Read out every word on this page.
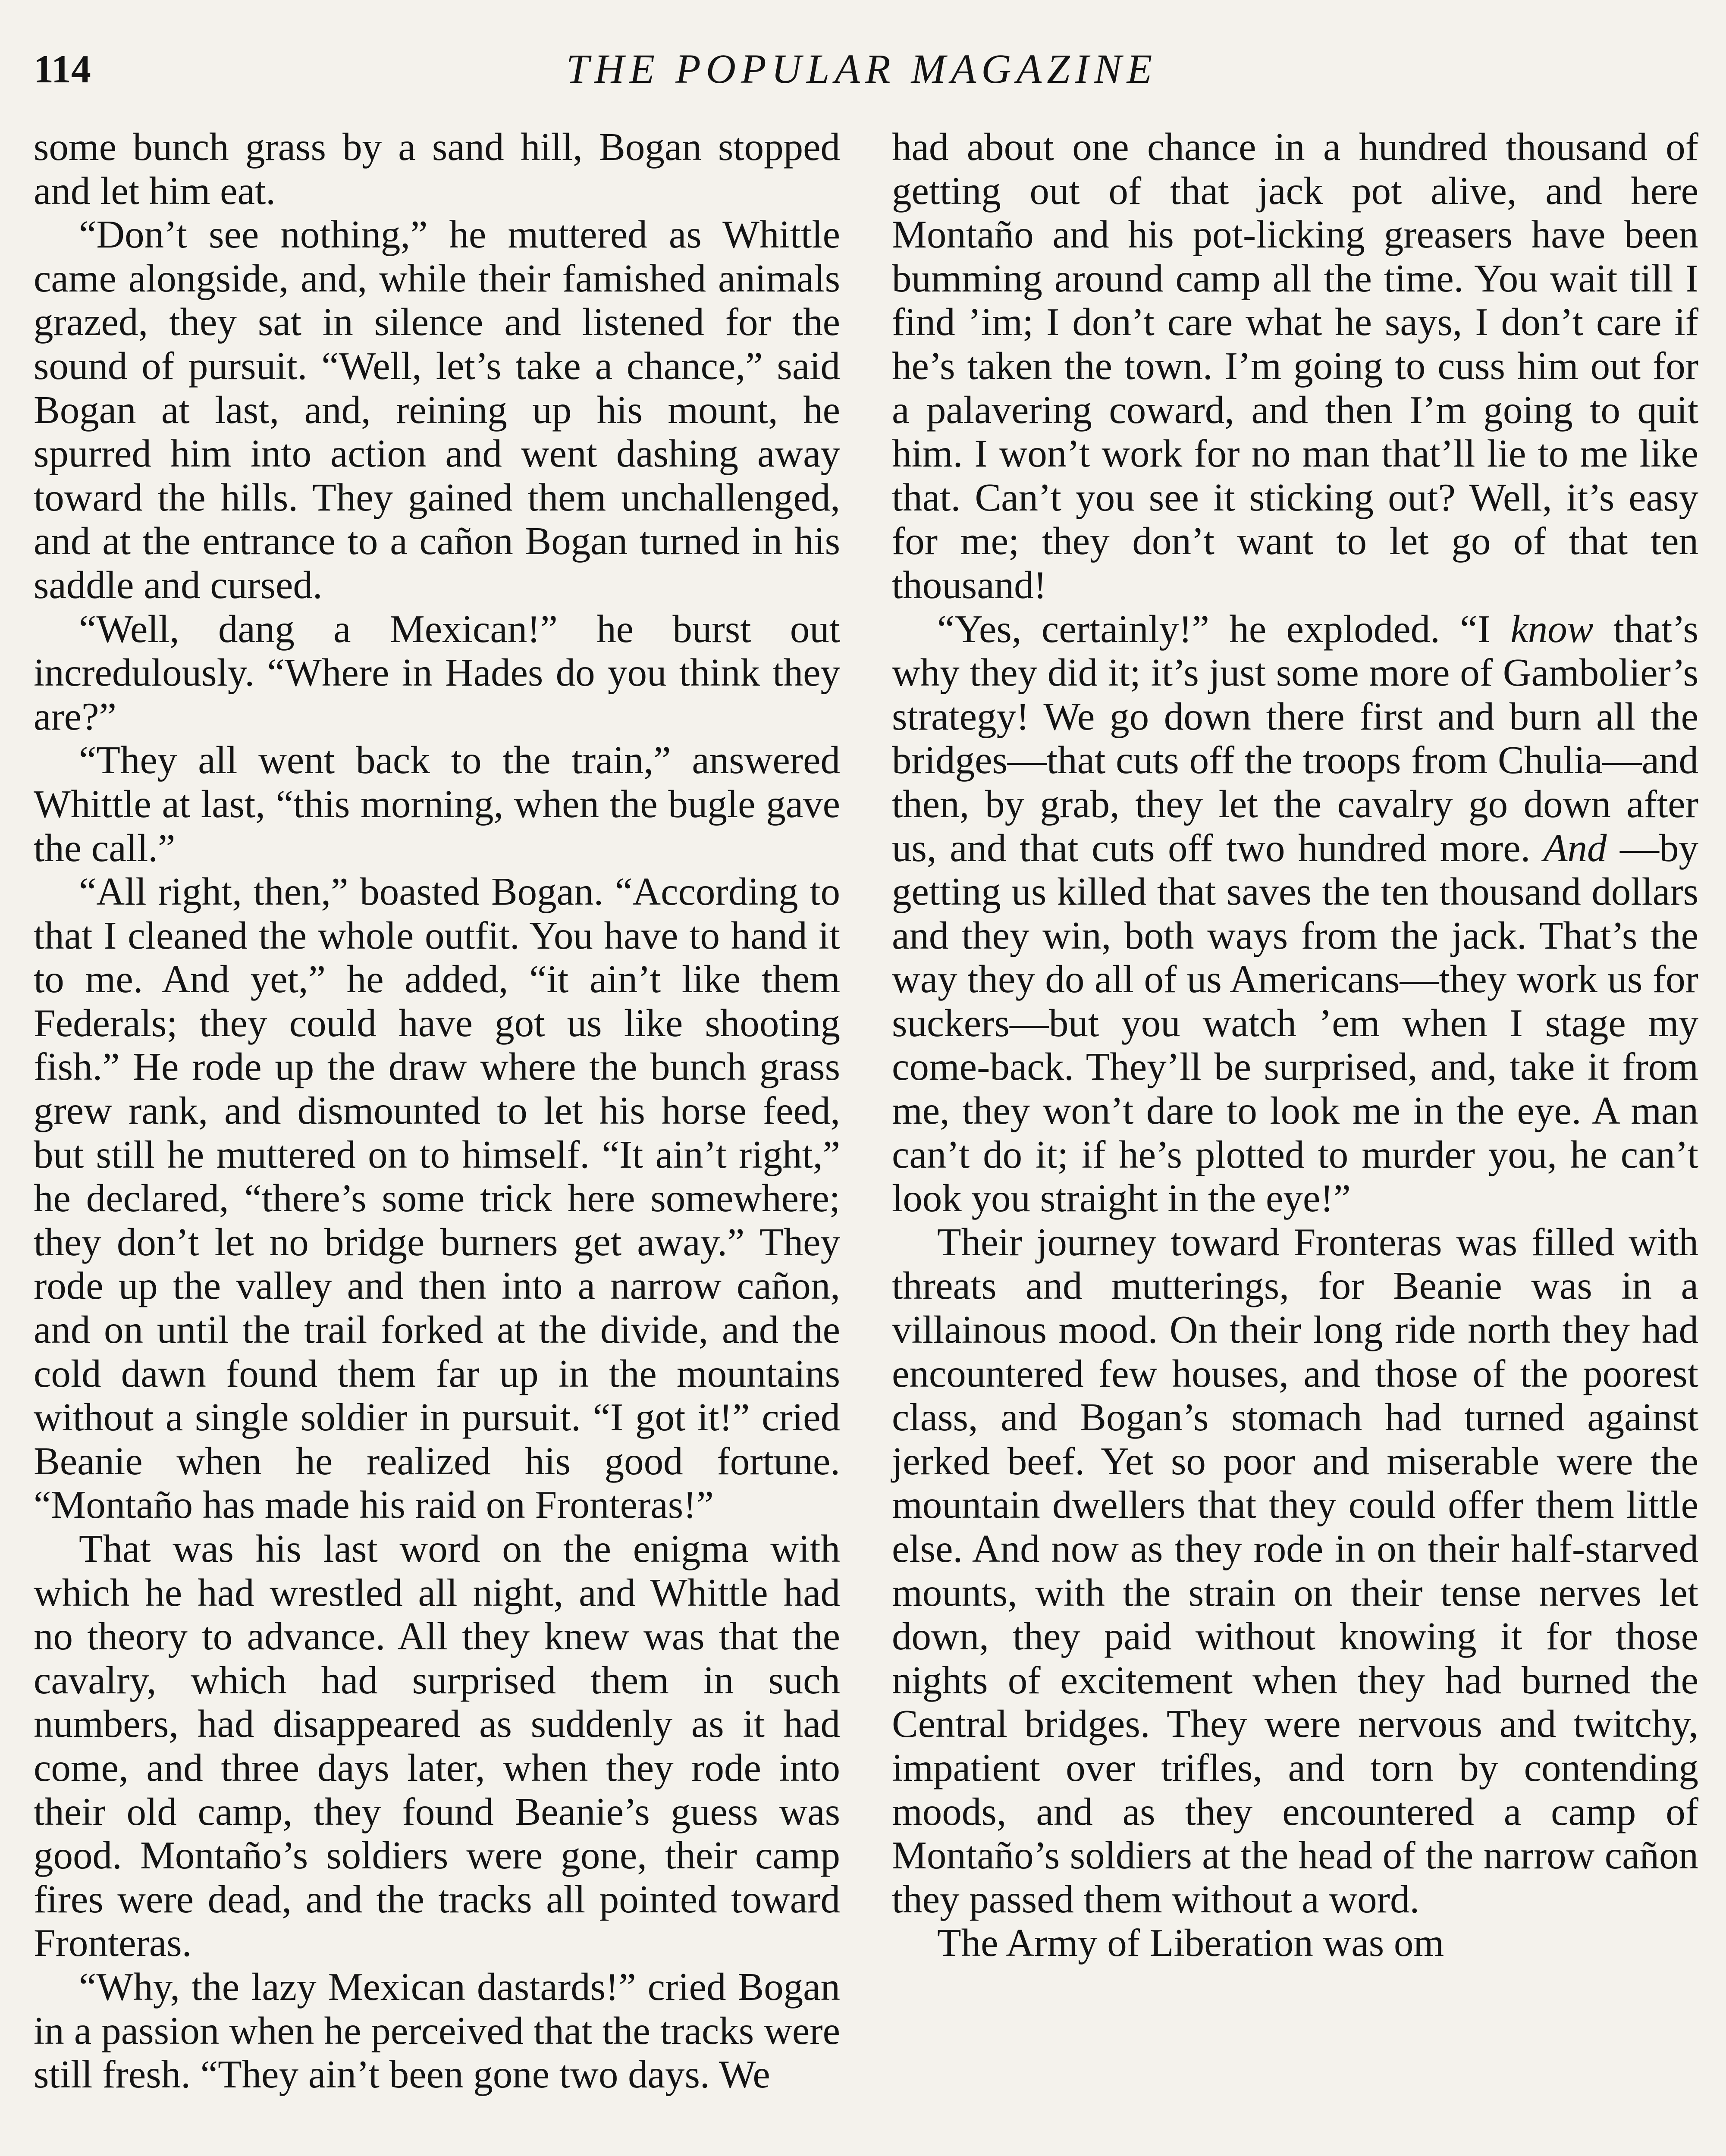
114	THE POPULAR MAGAZINE

some bunch grass by a sand hill, Bogan stopped and let him eat.

“Don’t see nothing,” he muttered as Whittle came alongside, and, while their famished animals grazed, they sat in silence and listened for the sound of pursuit. “Well, let’s take a chance,” said Bogan at last, and, reining up his mount, he spurred him into action and went dashing away toward the hills. They gained them unchallenged, and at the entrance to a cañon Bogan turned in his saddle and cursed.

“Well, dang a Mexican!” he burst out incredulously. “Where in Hades do you think they are?”

“They all went back to the train,” answered Whittle at last, “this morning, when the bugle gave the call.”

“All right, then,” boasted Bogan. “According to that I cleaned the whole outfit. You have to hand it to me. And yet,” he added, “it ain’t like them Federals; they could have got us like shooting fish.” He rode up the draw where the bunch grass grew rank, and dismounted to let his horse feed, but still he muttered on to himself. “It ain’t right,” he declared, “there’s some trick here somewhere; they don’t let no bridge burners get away.” They rode up the valley and then into a narrow cañon, and on until the trail forked at the divide, and the cold dawn found them far up in the mountains without a single soldier in pursuit. “I got it!” cried Beanie when he realized his good fortune. “Montaño has made his raid on Fronteras!”

That was his last word on the enigma with which he had wrestled all night, and Whittle had no theory to advance. All they knew was that the cavalry, which had surprised them in such numbers, had disappeared as suddenly as it had come, and three days later, when they rode into their old camp, they found Beanie’s guess was good. Montaño’s soldiers were gone, their camp fires were dead, and the tracks all pointed toward Fronteras.

“Why, the lazy Mexican dastards!” cried Bogan in a passion when he perceived that the tracks were still fresh. “They ain’t been gone two days. We

had about one chance in a hundred thousand of getting out of that jack pot alive, and here Montaño and his pot-licking greasers have been bumming around camp all the time. You wait till I find ’im; I don’t care what he says, I don’t care if he’s taken the town. I’m going to cuss him out for a palavering coward, and then I’m going to quit him. I won’t work for no man that’ll lie to me like that. Can’t you see it sticking out? Well, it’s easy for me; they don’t want to let go of that ten thousand!

“Yes, certainly!” he exploded. “I know that’s why they did it; it’s just some more of Gambolier’s strategy! We go down there first and burn all the bridges—that cuts off the troops from Chulia—and then, by grab, they let the cavalry go down after us, and that cuts off two hundred more. And —by getting us killed that saves the ten thousand dollars and they win, both ways from the jack. That’s the way they do all of us Americans—they work us for suckers—but you watch ’em when I stage my come-back. They’ll be surprised, and, take it from me, they won’t dare to look me in the eye. A man can’t do it; if he’s plotted to murder you, he can’t look you straight in the eye!”

Their journey toward Fronteras was filled with threats and mutterings, for Beanie was in a villainous mood. On their long ride north they had encountered few houses, and those of the poorest class, and Bogan’s stomach had turned against jerked beef. Yet so poor and miserable were the mountain dwellers that they could offer them little else. And now as they rode in on their half-starved mounts, with the strain on their tense nerves let down, they paid without knowing it for those nights of excitement when they had burned the Central bridges. They were nervous and twitchy, impatient over trifles, and torn by contending moods, and as they encountered a camp of Montaño’s soldiers at the head of the narrow cañon they passed them without a word.

The Army of Liberation was om
